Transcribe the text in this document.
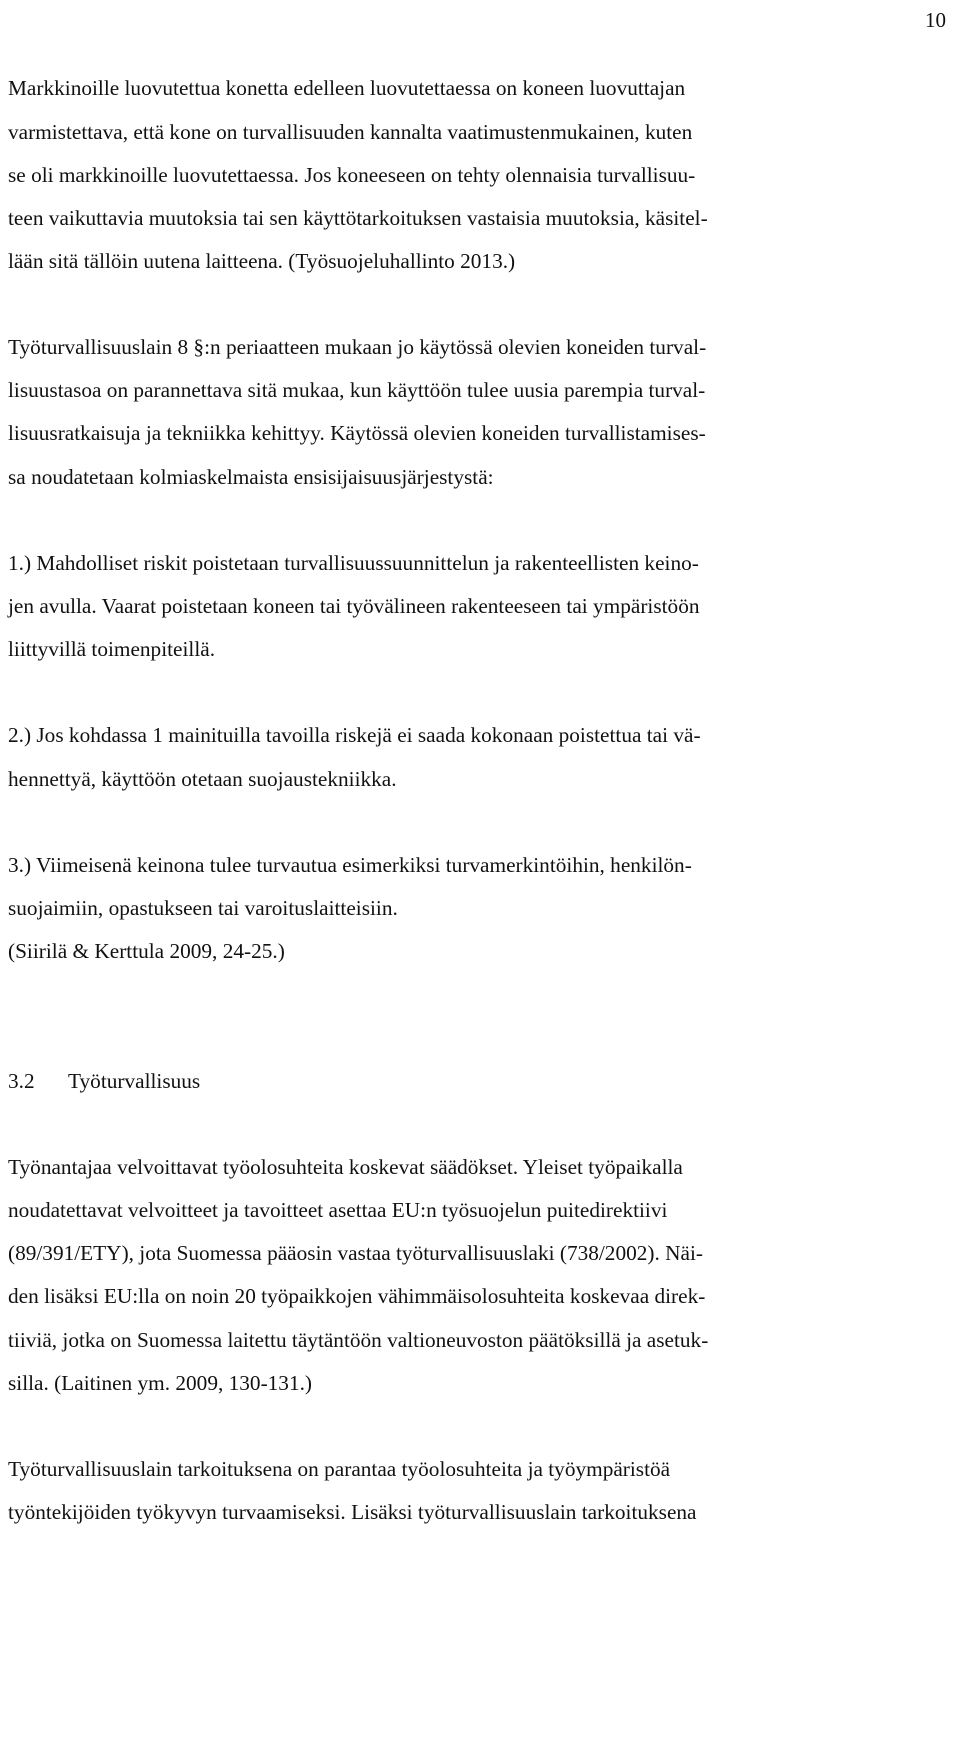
10
Markkinoille luovutettua konetta edelleen luovutettaessa on koneen luovuttajan
varmistettava, että kone on turvallisuuden kannalta vaatimustenmukainen, kuten
se oli markkinoille luovutettaessa. Jos koneeseen on tehty olennaisia turvallisuu-
teen vaikuttavia muutoksia tai sen käyttötarkoituksen vastaisia muutoksia, käsitel-
lään sitä tällöin uutena laitteena. (Työsuojeluhallinto 2013.)
Työturvallisuuslain 8 §:n periaatteen mukaan jo käytössä olevien koneiden turval-
lisuustasoa on parannettava sitä mukaa, kun käyttöön tulee uusia parempia turval-
lisuusratkaisuja ja tekniikka kehittyy. Käytössä olevien koneiden turvallistamises-
sa noudatetaan kolmiaskelmaista ensisijaisuusjärjestystä:
1.) Mahdolliset riskit poistetaan turvallisuussuunnittelun ja rakenteellisten keino-
jen avulla. Vaarat poistetaan koneen tai työvälineen rakenteeseen tai ympäristöön
liittyvillä toimenpiteillä.
2.) Jos kohdassa 1 mainituilla tavoilla riskejä ei saada kokonaan poistettua tai vä-
hennettyä, käyttöön otetaan suojaustekniikka.
3.) Viimeisenä keinona tulee turvautua esimerkiksi turvamerkintöihin, henkilön-
suojaimiin, opastukseen tai varoituslaitteisiin.
(Siirilä & Kerttula 2009, 24-25.)
3.2 Työturvallisuus
Työnantajaa velvoittavat työolosuhteita koskevat säädökset. Yleiset työpaikalla
noudatettavat velvoitteet ja tavoitteet asettaa EU:n työsuojelun puitedirektiivi
(89/391/ETY), jota Suomessa pääosin vastaa työturvallisuuslaki (738/2002). Näi-
den lisäksi EU:lla on noin 20 työpaikkojen vähimmäisolosuhteita koskevaa direk-
tiiviä, jotka on Suomessa laitettu täytäntöön valtioneuvoston päätöksillä ja asetuk-
silla. (Laitinen ym. 2009, 130-131.)
Työturvallisuuslain tarkoituksena on parantaa työolosuhteita ja työympäristöä
työntekijöiden työkyvyn turvaamiseksi. Lisäksi työturvallisuuslain tarkoituksena
